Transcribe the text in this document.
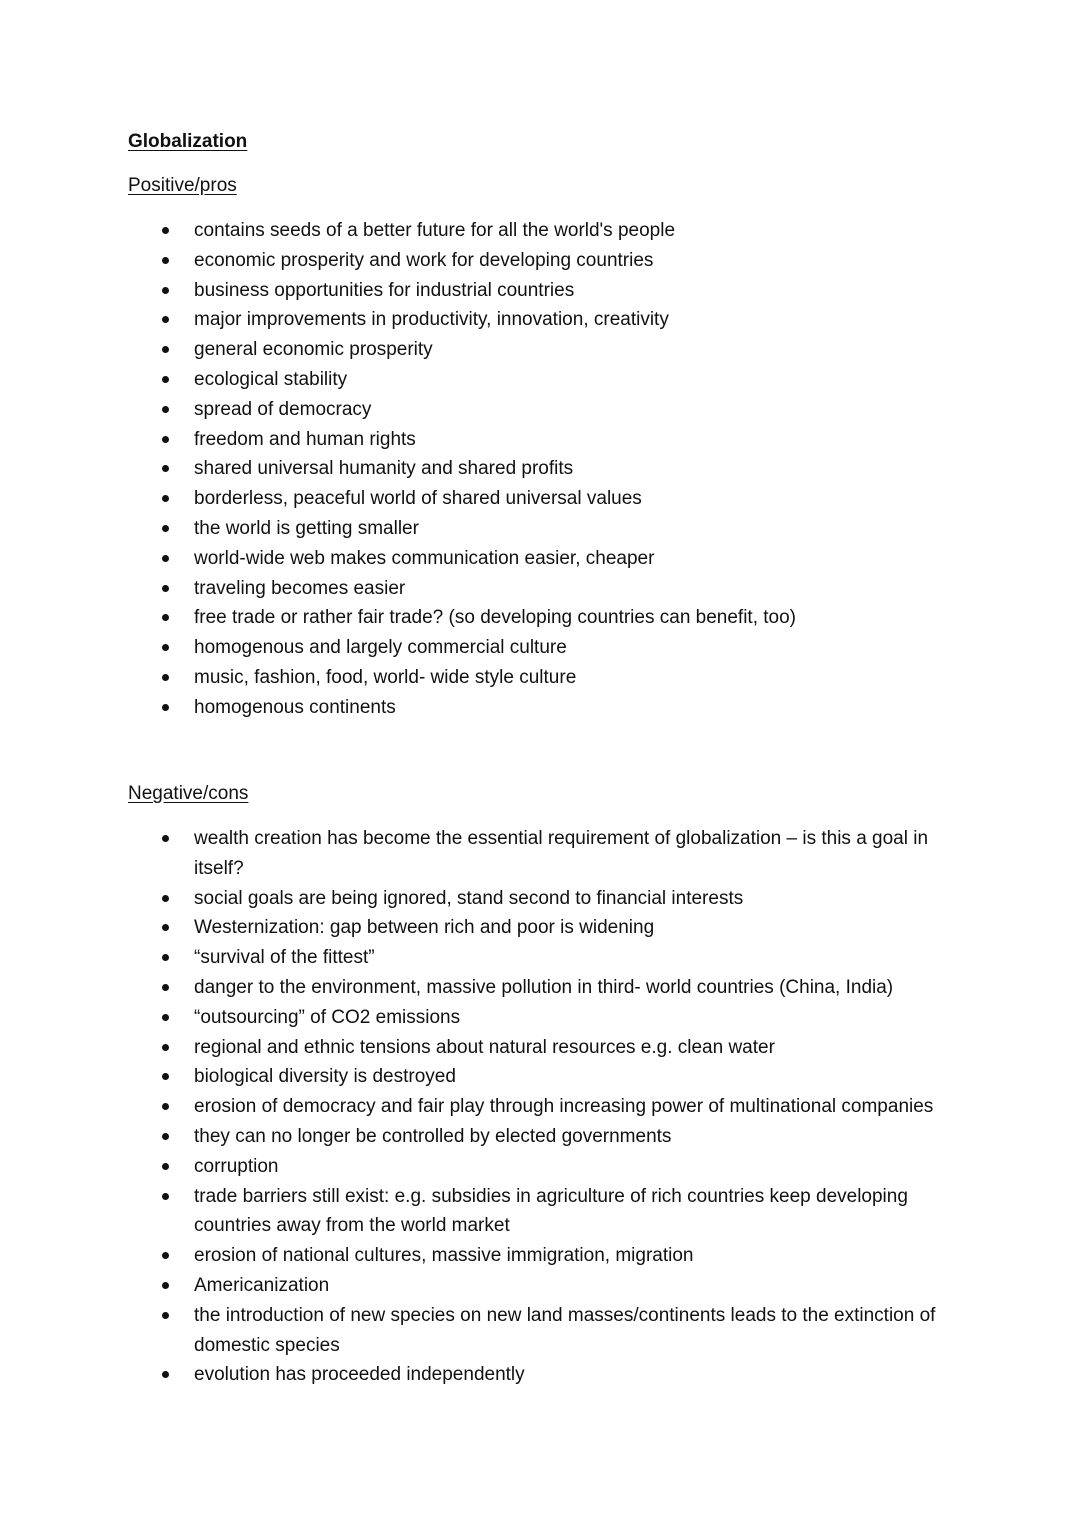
Globalization
Positive/pros
contains seeds of a better future for all the world's people
economic prosperity and work for developing countries
business opportunities for industrial countries
major improvements in productivity, innovation, creativity
general economic prosperity
ecological stability
spread of democracy
freedom and human rights
shared universal humanity and shared profits
borderless, peaceful world of shared universal values
the world is getting smaller
world-wide web makes communication easier, cheaper
traveling becomes easier
free trade or rather fair trade? (so developing countries can benefit, too)
homogenous and largely commercial culture
music, fashion, food, world- wide style culture
homogenous continents
Negative/cons
wealth creation has become the essential requirement of globalization – is this a goal in itself?
social goals are being ignored, stand second to financial interests
Westernization: gap between rich and poor is widening
“survival of the fittest”
danger to the environment, massive pollution in third- world countries (China, India)
“outsourcing” of CO2 emissions
regional and ethnic tensions about natural resources e.g. clean water
biological diversity is destroyed
erosion of democracy and fair play through increasing power of multinational companies
they can no longer be controlled by elected governments
corruption
trade barriers still exist: e.g. subsidies in agriculture of rich countries keep developing countries away from the world market
erosion of national cultures, massive immigration, migration
Americanization
the introduction of new species on new land masses/continents leads to the extinction of domestic species
evolution has proceeded independently
